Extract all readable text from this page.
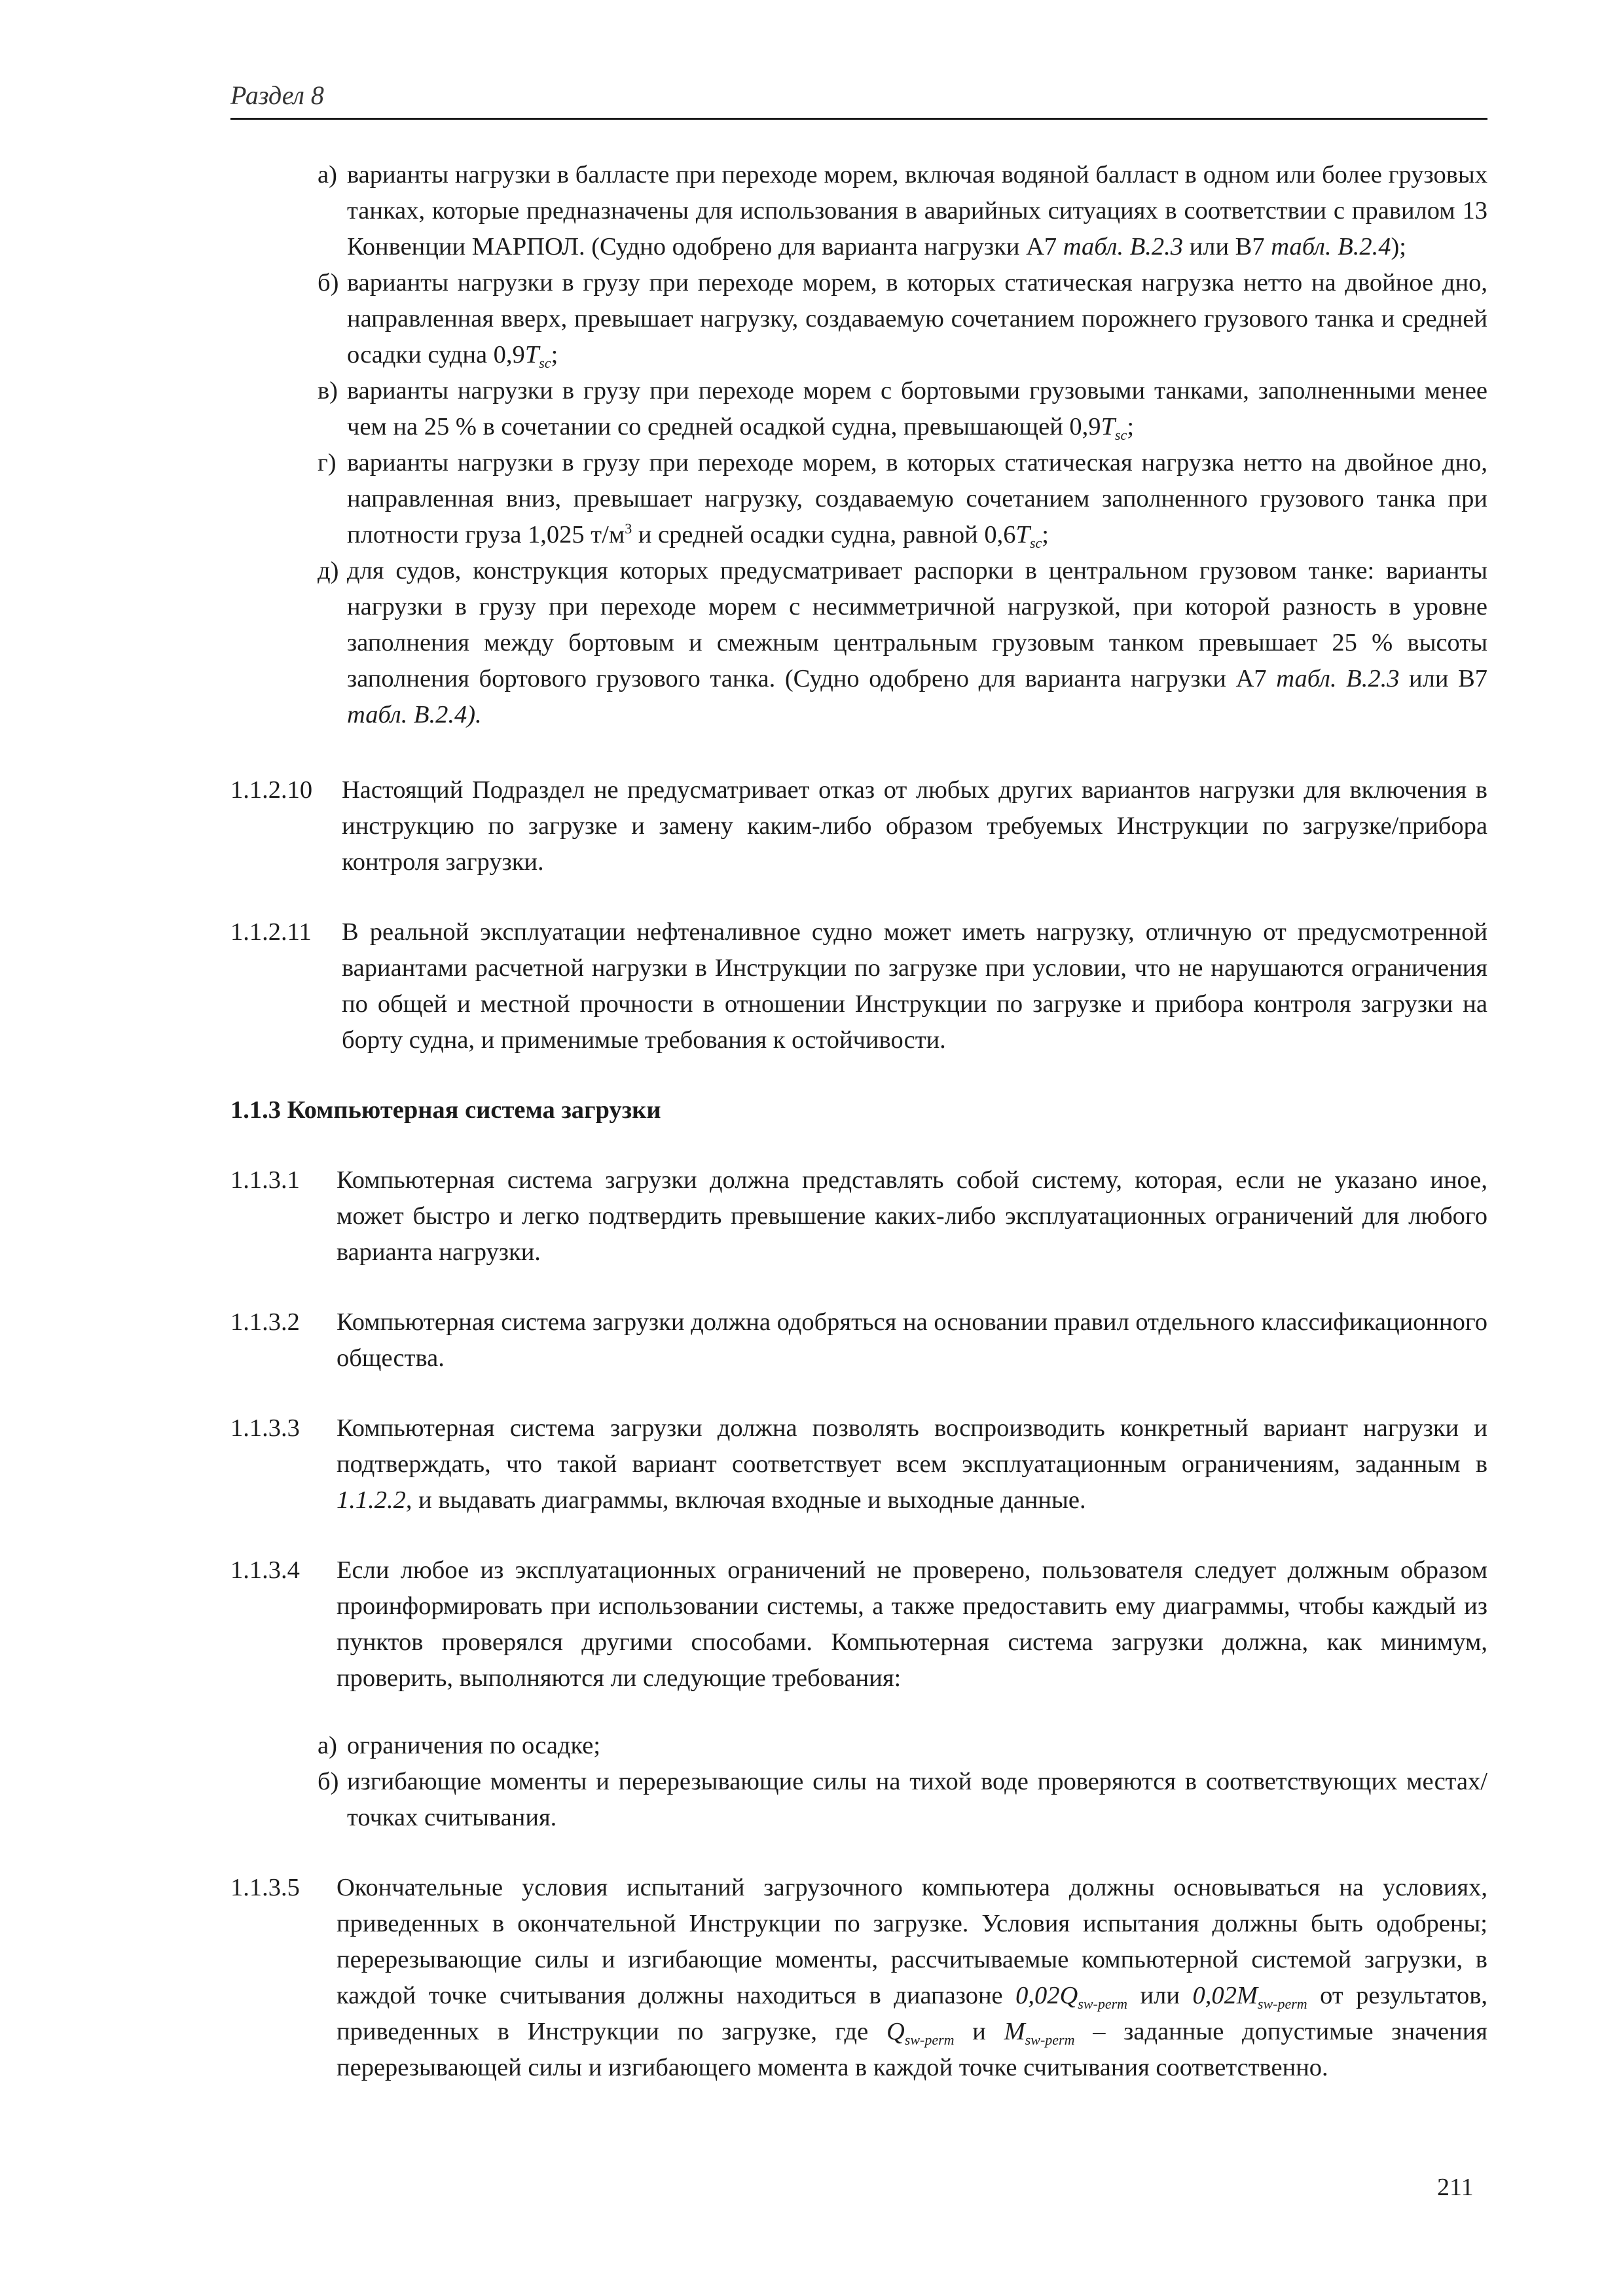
Раздел 8
а) варианты нагрузки в балласте при переходе морем, включая водяной балласт в одном или более грузовых танках, которые предназначены для использования в аварийных ситуациях в соответствии с правилом 13 Конвенции МАРПОЛ. (Судно одобрено для варианта нагрузки А7 табл. В.2.3 или В7 табл. В.2.4);
б) варианты нагрузки в грузу при переходе морем, в которых статическая нагрузка нетто на двойное дно, направленная вверх, превышает нагрузку, создаваемую сочетанием порожнего грузового танка и средней осадки судна $0,9T_{sc}$;
в) варианты нагрузки в грузу при переходе морем с бортовыми грузовыми танками, заполненными менее чем на 25 % в сочетании со средней осадкой судна, превышающей $0,9T_{sc}$;
г) варианты нагрузки в грузу при переходе морем, в которых статическая нагрузка нетто на двойное дно, направленная вниз, превышает нагрузку, создаваемую сочетанием заполненного грузового танка при плотности груза 1,025 $т/м^3$ и средней осадки судна, равной $0,6T_{sc}$;
д) для судов, конструкция которых предусматривает распорки в центральном грузовом танке: варианты нагрузки в грузу при переходе морем с несимметричной нагрузкой, при которой разность в уровне заполнения между бортовым и смежным центральным грузовым танком превышает 25 % высоты заполнения бортового грузового танка. (Судно одобрено для варианта нагрузки А7 табл. В.2.3 или В7 табл. В.2.4).
1.1.2.10 Настоящий Подраздел не предусматривает отказ от любых других вариантов нагрузки для включения в инструкцию по загрузке и замену каким-либо образом требуемых Инструкции по загрузке/прибора контроля загрузки.
1.1.2.11 В реальной эксплуатации нефтеналивное судно может иметь нагрузку, отличную от предусмотренной вариантами расчетной нагрузки в Инструкции по загрузке при условии, что не нарушаются ограничения по общей и местной прочности в отношении Инструкции по загрузке и прибора контроля загрузки на борту судна, и применимые требования к остойчивости.
1.1.3 Компьютерная система загрузки
1.1.3.1 Компьютерная система загрузки должна представлять собой систему, которая, если не указано иное, может быстро и легко подтвердить превышение каких-либо эксплуатационных ограничений для любого варианта нагрузки.
1.1.3.2 Компьютерная система загрузки должна одобряться на основании правил отдельного классификационного общества.
1.1.3.3 Компьютерная система загрузки должна позволять воспроизводить конкретный вариант нагрузки и подтверждать, что такой вариант соответствует всем эксплуатационным ограничениям, заданным в 1.1.2.2, и выдавать диаграммы, включая входные и выходные данные.
1.1.3.4 Если любое из эксплуатационных ограничений не проверено, пользователя следует должным образом проинформировать при использовании системы, а также предоставить ему диаграммы, чтобы каждый из пунктов проверялся другими способами. Компьютерная система загрузки должна, как минимум, проверить, выполняются ли следующие требования:
а) ограничения по осадке;
б) изгибающие моменты и перерезывающие силы на тихой воде проверяются в соответствующих местах/точках считывания.
1.1.3.5 Окончательные условия испытаний загрузочного компьютера должны основываться на условиях, приведенных в окончательной Инструкции по загрузке. Условия испытания должны быть одобрены; перерезывающие силы и изгибающие моменты, рассчитываемые компьютерной системой загрузки, в каждой точке считывания должны находиться в диапазоне $0,02Q_{sw-perm}$ или $0,02M_{sw-perm}$ от результатов, приведенных в Инструкции по загрузке, где $Q_{sw-perm}$ и $M_{sw-perm}$ – заданные допустимые значения перерезывающей силы и изгибающего момента в каждой точке считывания соответственно.
211
